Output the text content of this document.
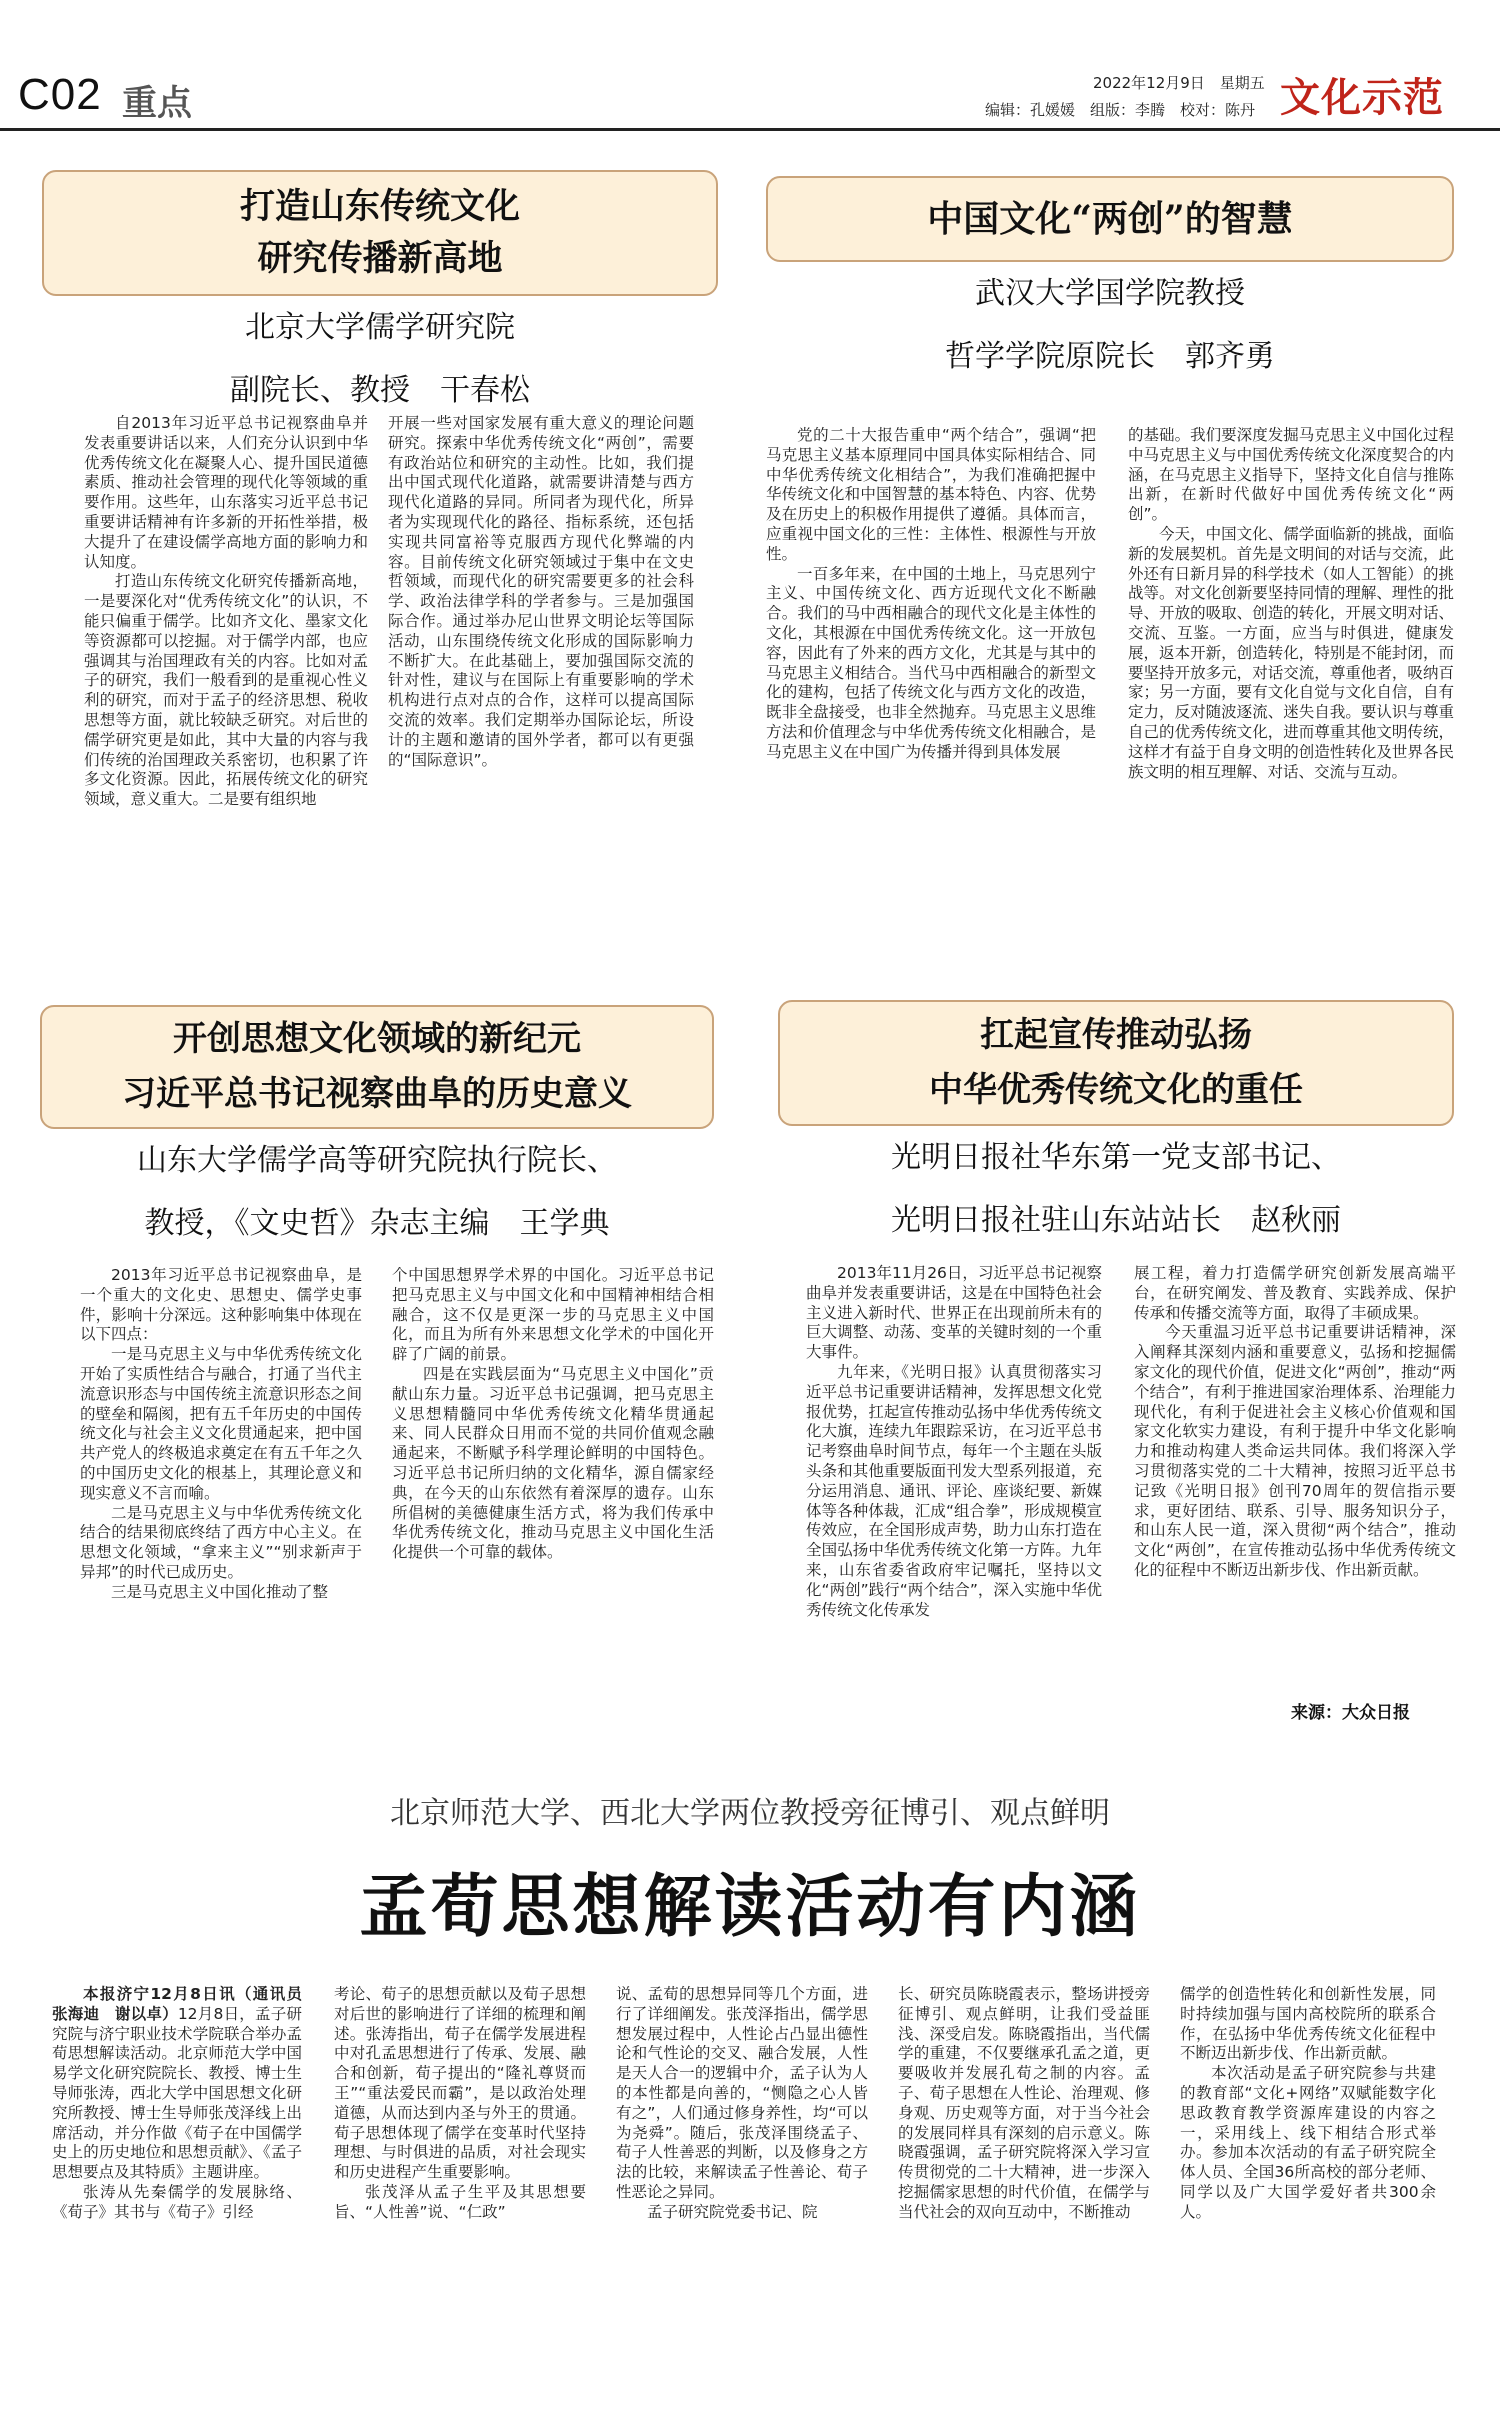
C02 重点
2022年12月9日　星期五
编辑：孔媛媛　组版：李腾　校对：陈丹 文化示范
打造山东传统文化
研究传播新高地
北京大学儒学研究院
副院长、教授　干春松

自2013年习近平总书记视察曲阜并发表重要讲话以来，人们充分认识到中华优秀传统文化在凝聚人心、提升国民道德素质、推动社会管理的现代化等领域的重要作用。这些年，山东落实习近平总书记重要讲话精神有许多新的开拓性举措，极大提升了在建设儒学高地方面的影响力和认知度。

打造山东传统文化研究传播新高地，一是要深化对“优秀传统文化”的认识，不能只偏重于儒学。比如齐文化、墨家文化等资源都可以挖掘。对于儒学内部，也应强调其与治国理政有关的内容。比如对孟子的研究，我们一般看到的是重视心性义利的研究，而对于孟子的经济思想、税收思想等方面，就比较缺乏研究。对后世的儒学研究更是如此，其中大量的内容与我们传统的治国理政关系密切，也积累了许多文化资源。因此，拓展传统文化的研究领域，意义重大。二是要有组织地

开展一些对国家发展有重大意义的理论问题研究。探索中华优秀传统文化“两创”，需要有政治站位和研究的主动性。比如，我们提出中国式现代化道路，就需要讲清楚与西方现代化道路的异同。所同者为现代化，所异者为实现现代化的路径、指标系统，还包括实现共同富裕等克服西方现代化弊端的内容。目前传统文化研究领域过于集中在文史哲领域，而现代化的研究需要更多的社会科学、政治法律学科的学者参与。三是加强国际合作。通过举办尼山世界文明论坛等国际活动，山东围绕传统文化形成的国际影响力不断扩大。在此基础上，要加强国际交流的针对性，建议与在国际上有重要影响的学术机构进行点对点的合作，这样可以提高国际交流的效率。我们定期举办国际论坛，所设计的主题和邀请的国外学者，都可以有更强的“国际意识”。

中国文化“两创”的智慧
武汉大学国学院教授
哲学学院原院长　郭齐勇

党的二十大报告重申“两个结合”，强调“把马克思主义基本原理同中国具体实际相结合、同中华优秀传统文化相结合”，为我们准确把握中华传统文化和中国智慧的基本特色、内容、优势及在历史上的积极作用提供了遵循。具体而言，应重视中国文化的三性：主体性、根源性与开放性。

一百多年来，在中国的土地上，马克思列宁主义、中国传统文化、西方近现代文化不断融合。我们的马中西相融合的现代文化是主体性的文化，其根源在中国优秀传统文化。这一开放包容，因此有了外来的西方文化，尤其是与其中的马克思主义相结合。当代马中西相融合的新型文化的建构，包括了传统文化与西方文化的改造，既非全盘接受，也非全然抛弃。马克思主义思维方法和价值理念与中华优秀传统文化相融合，是马克思主义在中国广为传播并得到具体发展

的基础。我们要深度发掘马克思主义中国化过程中马克思主义与中国优秀传统文化深度契合的内涵，在马克思主义指导下，坚持文化自信与推陈出新，在新时代做好中国优秀传统文化“两创”。

今天，中国文化、儒学面临新的挑战，面临新的发展契机。首先是文明间的对话与交流，此外还有日新月异的科学技术（如人工智能）的挑战等。对文化创新要坚持同情的理解、理性的批导、开放的吸取、创造的转化，开展文明对话、交流、互鉴。一方面，应当与时俱进，健康发展，返本开新，创造转化，特别是不能封闭，而要坚持开放多元，对话交流，尊重他者，吸纳百家；另一方面，要有文化自觉与文化自信，自有定力，反对随波逐流、迷失自我。要认识与尊重自己的优秀传统文化，进而尊重其他文明传统，这样才有益于自身文明的创造性转化及世界各民族文明的相互理解、对话、交流与互动。

开创思想文化领域的新纪元
习近平总书记视察曲阜的历史意义
山东大学儒学高等研究院执行院长、
教授，《文史哲》杂志主编　王学典

2013年习近平总书记视察曲阜，是一个重大的文化史、思想史、儒学史事件，影响十分深远。这种影响集中体现在以下四点：

一是马克思主义与中华优秀传统文化开始了实质性结合与融合，打通了当代主流意识形态与中国传统主流意识形态之间的壁垒和隔阂，把有五千年历史的中国传统文化与社会主义文化贯通起来，把中国共产党人的终极追求奠定在有五千年之久的中国历史文化的根基上，其理论意义和现实意义不言而喻。

二是马克思主义与中华优秀传统文化结合的结果彻底终结了西方中心主义。在思想文化领域，“拿来主义”“别求新声于异邦”的时代已成历史。

三是马克思主义中国化推动了整

个中国思想界学术界的中国化。习近平总书记把马克思主义与中国文化和中国精神相结合相融合，这不仅是更深一步的马克思主义中国化，而且为所有外来思想文化学术的中国化开辟了广阔的前景。

四是在实践层面为“马克思主义中国化”贡献山东力量。习近平总书记强调，把马克思主义思想精髓同中华优秀传统文化精华贯通起来、同人民群众日用而不觉的共同价值观念融通起来，不断赋予科学理论鲜明的中国特色。习近平总书记所归纳的文化精华，源自儒家经典，在今天的山东依然有着深厚的遗存。山东所倡树的美德健康生活方式，将为我们传承中华优秀传统文化，推动马克思主义中国化生活化提供一个可靠的载体。

扛起宣传推动弘扬
中华优秀传统文化的重任
光明日报社华东第一党支部书记、
光明日报社驻山东站站长　赵秋丽

2013年11月26日，习近平总书记视察曲阜并发表重要讲话，这是在中国特色社会主义进入新时代、世界正在出现前所未有的巨大调整、动荡、变革的关键时刻的一个重大事件。

九年来，《光明日报》认真贯彻落实习近平总书记重要讲话精神，发挥思想文化党报优势，扛起宣传推动弘扬中华优秀传统文化大旗，连续九年跟踪采访，在习近平总书记考察曲阜时间节点，每年一个主题在头版头条和其他重要版面刊发大型系列报道，充分运用消息、通讯、评论、座谈纪要、新媒体等各种体裁，汇成“组合拳”，形成规模宣传效应，在全国形成声势，助力山东打造在全国弘扬中华优秀传统文化第一方阵。九年来，山东省委省政府牢记嘱托，坚持以文化“两创”践行“两个结合”，深入实施中华优秀传统文化传承发

展工程，着力打造儒学研究创新发展高端平台，在研究阐发、普及教育、实践养成、保护传承和传播交流等方面，取得了丰硕成果。

今天重温习近平总书记重要讲话精神，深入阐释其深刻内涵和重要意义，弘扬和挖掘儒家文化的现代价值，促进文化“两创”，推动“两个结合”，有利于推进国家治理体系、治理能力现代化，有利于促进社会主义核心价值观和国家文化软实力建设，有利于提升中华文化影响力和推动构建人类命运共同体。我们将深入学习贯彻落实党的二十大精神，按照习近平总书记致《光明日报》创刊70周年的贺信指示要求，更好团结、联系、引导、服务知识分子，和山东人民一道，深入贯彻“两个结合”，推动文化“两创”，在宣传推动弘扬中华优秀传统文化的征程中不断迈出新步伐、作出新贡献。

来源：大众日报
北京师范大学、西北大学两位教授旁征博引、观点鲜明
孟荀思想解读活动有内涵

本报济宁12月8日讯（通讯员　张海迪　谢以卓）12月8日，孟子研究院与济宁职业技术学院联合举办孟荀思想解读活动。北京师范大学中国易学文化研究院院长、教授、博士生导师张涛，西北大学中国思想文化研究所教授、博士生导师张茂泽线上出席活动，并分作做《荀子在中国儒学史上的历史地位和思想贡献》、《孟子思想要点及其特质》主题讲座。

张涛从先秦儒学的发展脉络、《荀子》其书与《荀子》引经

考论、荀子的思想贡献以及荀子思想对后世的影响进行了详细的梳理和阐述。张涛指出，荀子在儒学发展进程中对孔孟思想进行了传承、发展、融合和创新，荀子提出的“隆礼尊贤而王”“重法爱民而霸”，是以政治处理道德，从而达到内圣与外王的贯通。荀子思想体现了儒学在变革时代坚持理想、与时俱进的品质，对社会现实和历史进程产生重要影响。

张茂泽从孟子生平及其思想要旨、“人性善”说、“仁政”

说、孟荀的思想异同等几个方面，进行了详细阐发。张茂泽指出，儒学思想发展过程中，人性论占凸显出德性论和气性论的交叉、融合发展，人性是天人合一的逻辑中介，孟子认为人的本性都是向善的，“恻隐之心人皆有之”，人们通过修身养性，均“可以为尧舜”。随后，张茂泽围绕孟子、荀子人性善恶的判断，以及修身之方法的比较，来解读孟子性善论、荀子性恶论之异同。

孟子研究院党委书记、院

长、研究员陈晓霞表示，整场讲授旁征博引、观点鲜明，让我们受益匪浅、深受启发。陈晓霞指出，当代儒学的重建，不仅要继承孔孟之道，更要吸收并发展孔荀之制的内容。孟子、荀子思想在人性论、治理观、修身观、历史观等方面，对于当今社会的发展同样具有深刻的启示意义。陈晓霞强调，孟子研究院将深入学习宣传贯彻党的二十大精神，进一步深入挖掘儒家思想的时代价值，在儒学与当代社会的双向互动中，不断推动

儒学的创造性转化和创新性发展，同时持续加强与国内高校院所的联系合作，在弘扬中华优秀传统文化征程中不断迈出新步伐、作出新贡献。

本次活动是孟子研究院参与共建的教育部“文化+网络”双赋能数字化思政教育教学资源库建设的内容之一，采用线上、线下相结合形式举办。参加本次活动的有孟子研究院全体人员、全国36所高校的部分老师、同学以及广大国学爱好者共300余人。
